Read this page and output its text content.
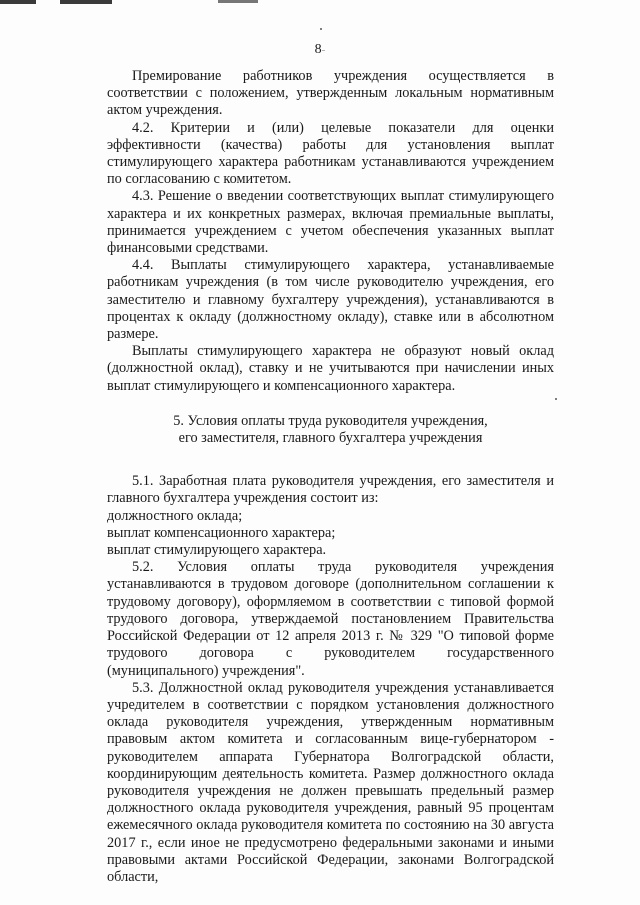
8-

Премирование работников учреждения осуществляется в соответствии с положением, утвержденным локальным нормативным актом учреждения.

4.2. Критерии и (или) целевые показатели для оценки эффективности (качества) работы для установления выплат стимулирующего характера работникам устанавливаются учреждением по согласованию с комитетом.

4.3. Решение о введении соответствующих выплат стимулирующего характера и их конкретных размерах, включая премиальные выплаты, принимается учреждением с учетом обеспечения указанных выплат финансовыми средствами.

4.4. Выплаты стимулирующего характера, устанавливаемые работникам учреждения (в том числе руководителю учреждения, его заместителю и главному бухгалтеру учреждения), устанавливаются в процентах к окладу (должностному окладу), ставке или в абсолютном размере.

Выплаты стимулирующего характера не образуют новый оклад (должностной оклад), ставку и не учитываются при начислении иных выплат стимулирующего и компенсационного характера.

5. Условия оплаты труда руководителя учреждения,
его заместителя, главного бухгалтера учреждения

5.1. Заработная плата руководителя учреждения, его заместителя и главного бухгалтера учреждения состоит из:

должностного оклада;

выплат компенсационного характера;

выплат стимулирующего характера.

5.2. Условия оплаты труда руководителя учреждения устанавливаются в трудовом договоре (дополнительном соглашении к трудовому договору), оформляемом в соответствии с типовой формой трудового договора, утверждаемой постановлением Правительства Российской Федерации от 12 апреля 2013 г. № 329 "О типовой форме трудового договора с руководителем государственного (муниципального) учреждения".

5.3. Должностной оклад руководителя учреждения устанавливается учредителем в соответствии с порядком установления должностного оклада руководителя учреждения, утвержденным нормативным правовым актом комитета и согласованным вице-губернатором - руководителем аппарата Губернатора Волгоградской области, координирующим деятельность комитета. Размер должностного оклада руководителя учреждения не должен превышать предельный размер должностного оклада руководителя учреждения, равный 95 процентам ежемесячного оклада руководителя комитета по состоянию на 30 августа 2017 г., если иное не предусмотрено федеральными законами и иными правовыми актами Российской Федерации, законами Волгоградской области,
